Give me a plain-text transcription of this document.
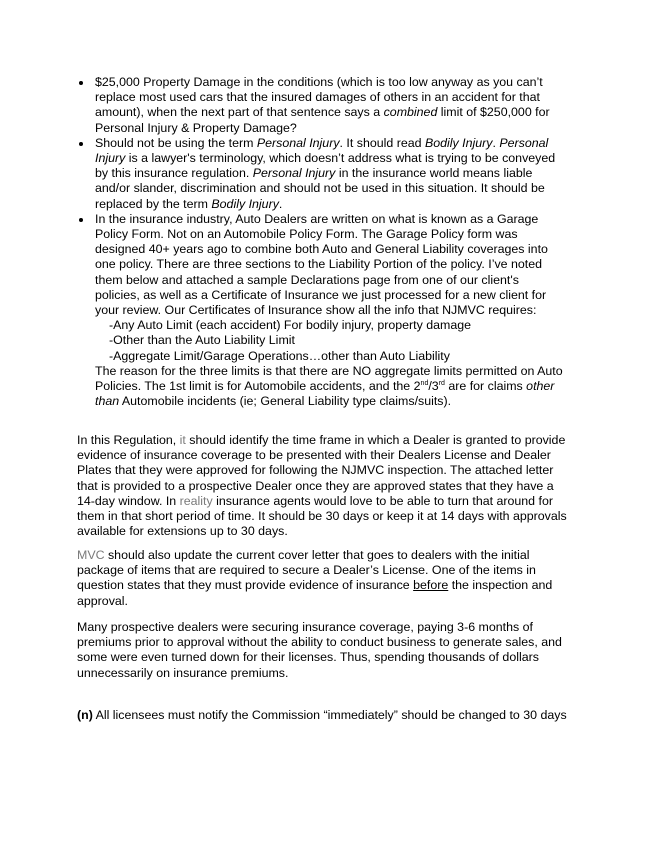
$25,000 Property Damage in the conditions (which is too low anyway as you can’t replace most used cars that the insured damages of others in an accident for that amount), when the next part of that sentence says a combined limit of $250,000 for Personal Injury & Property Damage?
Should not be using the term Personal Injury. It should read Bodily Injury. Personal Injury is a lawyer's terminology, which doesn’t address what is trying to be conveyed by this insurance regulation. Personal Injury in the insurance world means liable and/or slander, discrimination and should not be used in this situation. It should be replaced by the term Bodily Injury.
In the insurance industry, Auto Dealers are written on what is known as a Garage Policy Form. Not on an Automobile Policy Form. The Garage Policy form was designed 40+ years ago to combine both Auto and General Liability coverages into one policy. There are three sections to the Liability Portion of the policy. I’ve noted them below and attached a sample Declarations page from one of our client's policies, as well as a Certificate of Insurance we just processed for a new client for your review. Our Certificates of Insurance show all the info that NJMVC requires:
-Any Auto Limit (each accident) For bodily injury, property damage
-Other than the Auto Liability Limit
-Aggregate Limit/Garage Operations…other than Auto Liability
The reason for the three limits is that there are NO aggregate limits permitted on Auto Policies. The 1st limit is for Automobile accidents, and the 2nd/3rd are for claims other than Automobile incidents (ie; General Liability type claims/suits).

In this Regulation, it should identify the time frame in which a Dealer is granted to provide evidence of insurance coverage to be presented with their Dealers License and Dealer Plates that they were approved for following the NJMVC inspection. The attached letter that is provided to a prospective Dealer once they are approved states that they have a 14-day window. In reality insurance agents would love to be able to turn that around for them in that short period of time. It should be 30 days or keep it at 14 days with approvals available for extensions up to 30 days.

MVC should also update the current cover letter that goes to dealers with the initial package of items that are required to secure a Dealer’s License. One of the items in question states that they must provide evidence of insurance before the inspection and approval.

Many prospective dealers were securing insurance coverage, paying 3-6 months of premiums prior to approval without the ability to conduct business to generate sales, and some were even turned down for their licenses. Thus, spending thousands of dollars unnecessarily on insurance premiums.

(n) All licensees must notify the Commission “immediately” should be changed to 30 days
